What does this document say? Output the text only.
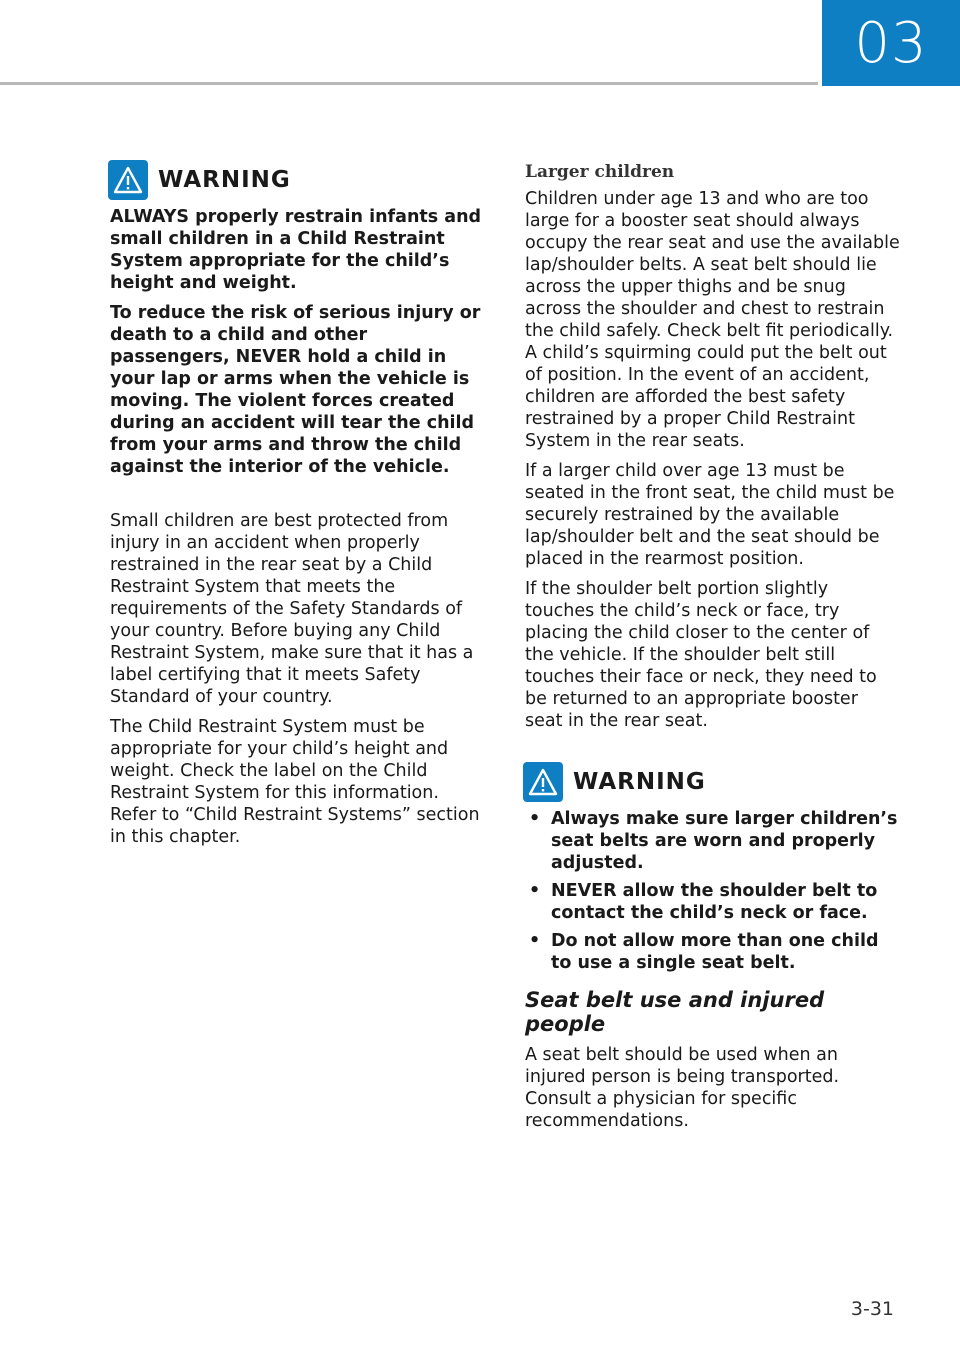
03
WARNING

ALWAYS properly restrain infants and small children in a Child Restraint System appropriate for the child’s height and weight.

To reduce the risk of serious injury or death to a child and other passengers, NEVER hold a child in your lap or arms when the vehicle is moving. The violent forces created during an accident will tear the child from your arms and throw the child against the interior of the vehicle.

Small children are best protected from injury in an accident when properly restrained in the rear seat by a Child Restraint System that meets the requirements of the Safety Standards of your country. Before buying any Child Restraint System, make sure that it has a label certifying that it meets Safety Standard of your country.

The Child Restraint System must be appropriate for your child’s height and weight. Check the label on the Child Restraint System for this information. Refer to “Child Restraint Systems” section in this chapter.

Larger children

Children under age 13 and who are too large for a booster seat should always occupy the rear seat and use the available lap/shoulder belts. A seat belt should lie across the upper thighs and be snug across the shoulder and chest to restrain the child safely. Check belt fit periodically. A child’s squirming could put the belt out of position. In the event of an accident, children are afforded the best safety restrained by a proper Child Restraint System in the rear seats.

If a larger child over age 13 must be seated in the front seat, the child must be securely restrained by the available lap/shoulder belt and the seat should be placed in the rearmost position.

If the shoulder belt portion slightly touches the child’s neck or face, try placing the child closer to the center of the vehicle. If the shoulder belt still touches their face or neck, they need to be returned to an appropriate booster seat in the rear seat.

WARNING
• Always make sure larger children’s seat belts are worn and properly adjusted.
• NEVER allow the shoulder belt to contact the child’s neck or face.
• Do not allow more than one child to use a single seat belt.
Seat belt use and injured people

A seat belt should be used when an injured person is being transported. Consult a physician for specific recommendations.

3-31
